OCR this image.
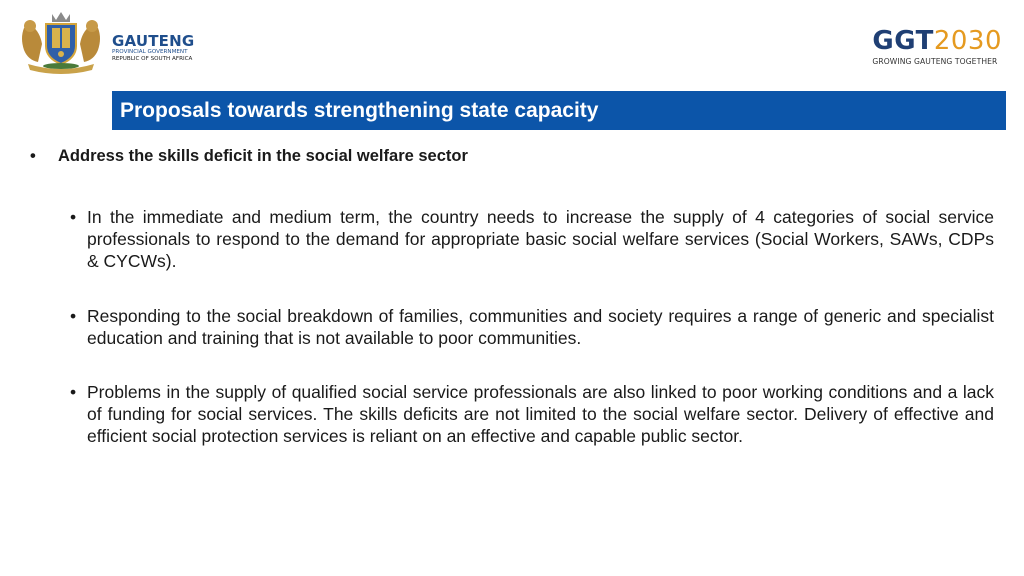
GAUTENG
PROVINCIAL GOVERNMENT
REPUBLIC OF SOUTH AFRICA
GGT2030
GROWING GAUTENG TOGETHER
Proposals towards strengthening state capacity
• Address the skills deficit in the social welfare sector
• In the immediate and medium term, the country needs to increase the supply of 4 categories of social service professionals to respond to the demand for appropriate basic social welfare services (Social Workers, SAWs, CDPs & CYCWs).

• Responding to the social breakdown of families, communities and society requires a range of generic and specialist education and training that is not available to poor communities.

• Problems in the supply of qualified social service professionals are also linked to poor working conditions and a lack of funding for social services. The skills deficits are not limited to the social welfare sector. Delivery of effective and efficient social protection services is reliant on an effective and capable public sector.
